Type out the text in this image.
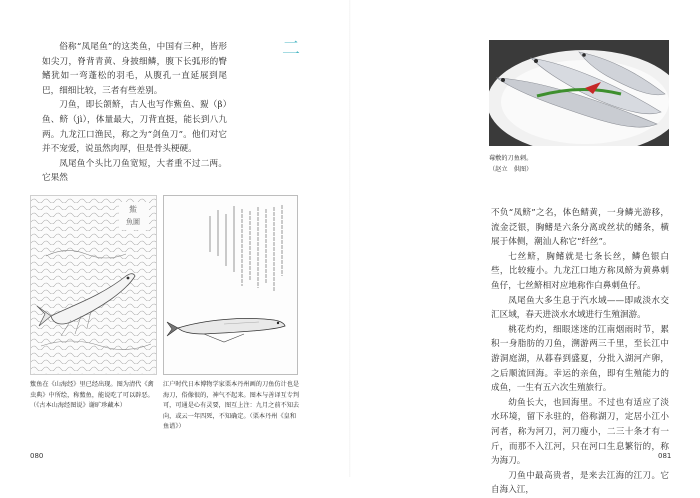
二

俗称“凤尾鱼”的这类鱼，中国有三种，皆形如尖刀，脊背青黄、身披细鳞，腹下长弧形的臀鳍犹如一弯蓬松的羽毛，从腹孔一直延展到尾巴，细细比较，三者有些差别。

刀鱼，即长颌鲚，古人也写作鮆鱼、鮤（β）鱼、鲚（jì），体量最大，刀背直挺，能长到八九两。九龙江口渔民，称之为“剑鱼刀”。他们对它并不宠爱，说虽然肉厚，但是骨头梗硬。

凤尾鱼个头比刀鱼宽短，大者重不过二两。它果然

鮆
魚圖
鮆鱼在《山海经》里已经出现。图为清代《禽虫典》中所绘，称鮆鱼，能说吃了可以辟恶。（《古本山海经图说》谢旷珍藏本）
江户时代日本博物学家栗本丹州画的刀鱼仿计也是海刀，俗像很的，神气不起来。图本与善译互专判可，可通是心有灵要，图互上注：九月之前不知去向，或云一年四死，不知确定。（栗本丹州《皇和鱼谱》）
080
莓敷的刀鱼刺。
（赵立　供图）

不负“凤鲚”之名，体色鲭黄，一身鳞光游移，流金泛银，胸鳍是六条分离或丝状的鳍条，横展于体侧，潮汕人称它“纤丝”。

七丝鲚，胸鳍就是七条长丝，鳞色银白些，比较瘦小。九龙江口地方称凤鲚为黄鼻刺鱼仔，七丝鲚相对应地称作白鼻刺鱼仔。

凤尾鱼大多生息于汽水域——即咸淡水交汇区域，春天进淡水水域进行生殖洄游。

桃花灼灼，细眼迷迷的江南烟雨时节，累积一身脂肪的刀鱼，溯游两三千里，至长江中游洞庭湖，从暮春到盛夏，分批入湖河产卵，之后顺流回海。幸运的亲鱼，即有生殖能力的成鱼，一生有五六次生殖旅行。

幼鱼长大，也回海里。不过也有适应了淡水环境，留下永驻的，俗称湖刀，定居小江小河者，称为河刀，河刀瘦小，二三十条才有一斤，而那不入江河，只在河口生息繁衍的，称为海刀。

刀鱼中最高贵者，是来去江海的江刀。它自海入江，

081
